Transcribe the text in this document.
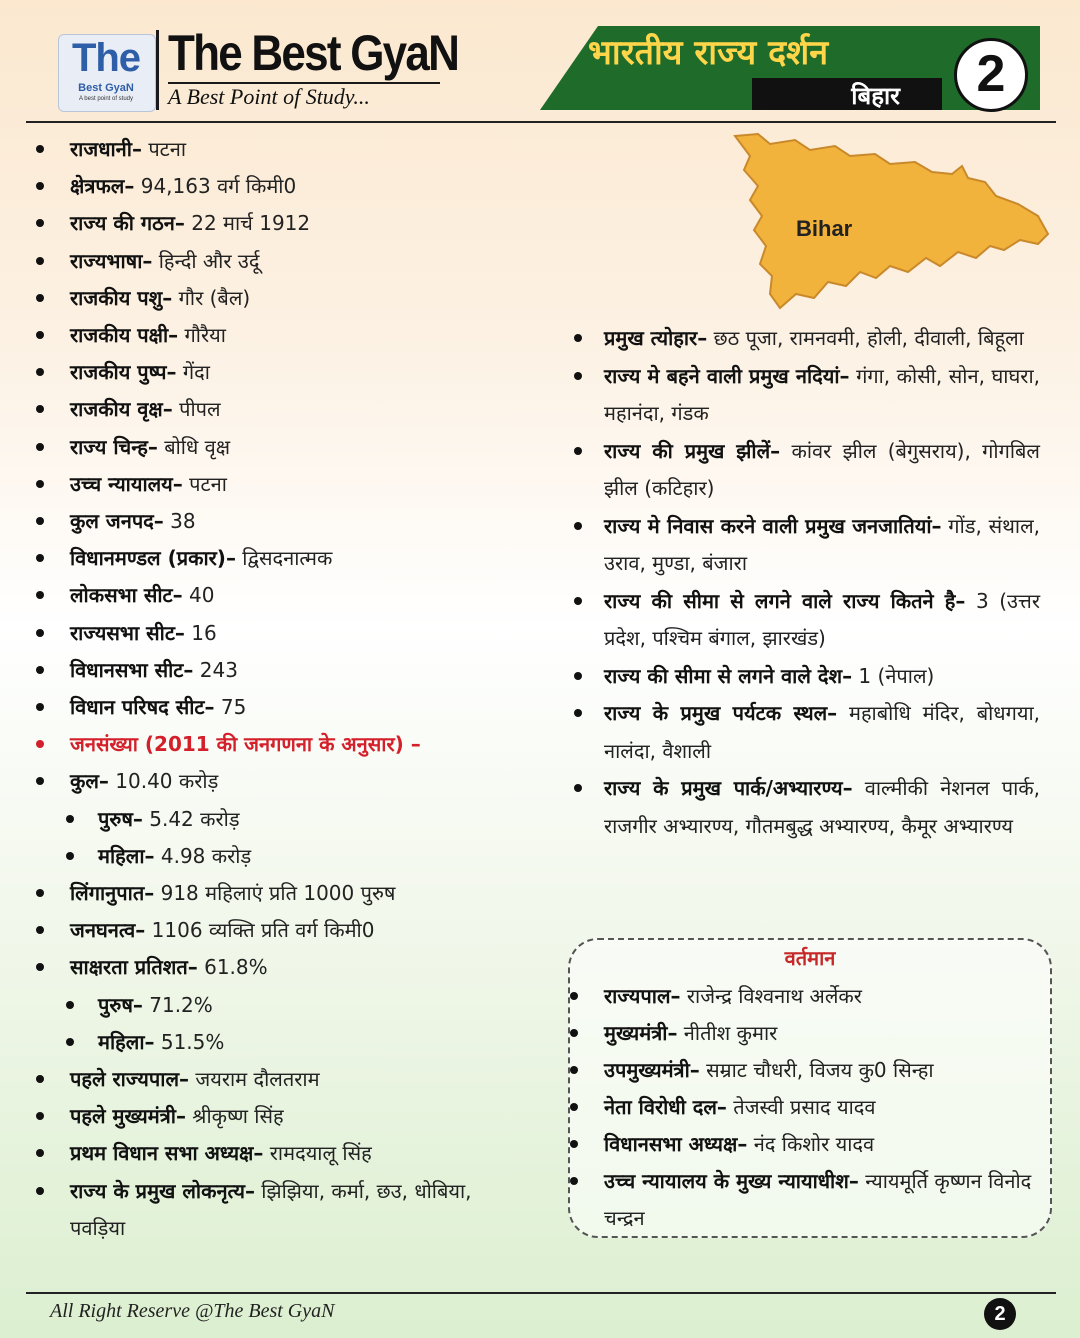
The
Best GyaN
A best point of study
The Best GyaN
A Best Point of Study...
भारतीय राज्य दर्शन
बिहार	2
Bihar
राजधानी– पटना
क्षेत्रफल– 94,163 वर्ग किमी0
राज्य की गठन– 22 मार्च 1912
राज्यभाषा– हिन्दी और उर्दू
राजकीय पशु– गौर (बैल)
राजकीय पक्षी– गौरैया
राजकीय पुष्प– गेंदा
राजकीय वृक्ष– पीपल
राज्य चिन्ह– बोधि वृक्ष
उच्च न्यायालय– पटना
कुल जनपद– 38
विधानमण्डल (प्रकार)– द्विसदनात्मक
लोकसभा सीट– 40
राज्यसभा सीट– 16
विधानसभा सीट– 243
विधान परिषद सीट– 75
जनसंख्या (2011 की जनगणना के अनुसार) –
कुल– 10.40 करोड़
पुरुष– 5.42 करोड़
महिला– 4.98 करोड़
लिंगानुपात– 918 महिलाएं प्रति 1000 पुरुष
जनघनत्व– 1106 व्यक्ति प्रति वर्ग किमी0
साक्षरता प्रतिशत– 61.8%
पुरुष– 71.2%
महिला– 51.5%
पहले राज्यपाल– जयराम दौलतराम
पहले मुख्यमंत्री– श्रीकृष्ण सिंह
प्रथम विधान सभा अध्यक्ष– रामदयालू सिंह
राज्य के प्रमुख लोकनृत्य– झिझिया, कर्मा, छउ, धोबिया, पवड़िया
प्रमुख त्योहार– छठ पूजा, रामनवमी, होली, दीवाली, बिहूला
राज्य मे बहने वाली प्रमुख नदियां– गंगा, कोसी, सोन, घाघरा, महानंदा, गंडक
राज्य की प्रमुख झीलें– कांवर झील (बेगुसराय), गोगबिल झील (कटिहार)
राज्य मे निवास करने वाली प्रमुख जनजातियां– गोंड, संथाल, उराव, मुण्डा, बंजारा
राज्य की सीमा से लगने वाले राज्य कितने है– 3 (उत्तर प्रदेश, पश्चिम बंगाल, झारखंड)
राज्य की सीमा से लगने वाले देश– 1 (नेपाल)
राज्य के प्रमुख पर्यटक स्थल– महाबोधि मंदिर, बोधगया, नालंदा, वैशाली
राज्य के प्रमुख पार्क/अभ्यारण्य– वाल्मीकी नेशनल पार्क, राजगीर अभ्यारण्य, गौतमबुद्ध अभ्यारण्य, कैमूर अभ्यारण्य
वर्तमान
राज्यपाल– राजेन्द्र विश्वनाथ अर्लेकर
मुख्यमंत्री– नीतीश कुमार
उपमुख्यमंत्री– सम्राट चौधरी, विजय कु0 सिन्हा
नेता विरोधी दल– तेजस्वी प्रसाद यादव
विधानसभा अध्यक्ष– नंद किशोर यादव
उच्च न्यायालय के मुख्य न्यायाधीश– न्यायमूर्ति कृष्णन विनोद चन्द्रन
All Right Reserve @The Best GyaN	2
